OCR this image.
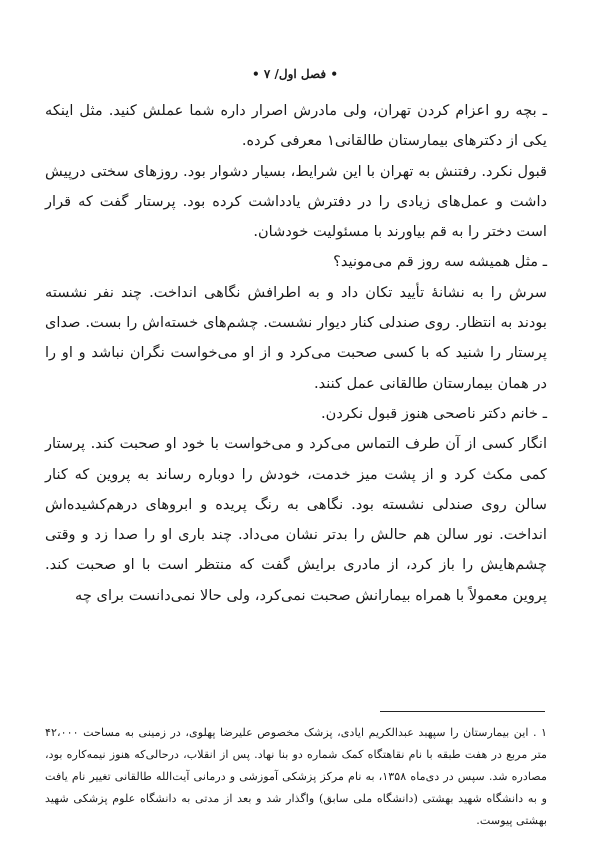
• فصل اول/ ۷ •

ـ بچه رو اعزام کردن تهران، ولی مادرش اصرار داره شما عملش کنید. مثل اینکه یکی از دکترهای بیمارستان طالقانی۱ معرفی کرده.

قبول نکرد. رفتنش به تهران با این شرایط، بسیار دشوار بود. روزهای سختی درپیش داشت و عمل‌های زیادی را در دفترش یادداشت کرده بود. پرستار گفت که قرار است دختر را به قم بیاورند با مسئولیت خودشان.

ـ مثل همیشه سه روز قم می‌مونید؟

سرش را به نشانهٔ تأیید تکان داد و به اطرافش نگاهی انداخت. چند نفر نشسته بودند به انتظار. روی صندلی کنار دیوار نشست. چشم‌های خسته‌اش را بست. صدای پرستار را شنید که با کسی صحبت می‌کرد و از او می‌خواست نگران نباشد و او را در همان بیمارستان طالقانی عمل کنند.

ـ خانم دکتر ناصحی هنوز قبول نکردن.

انگار کسی از آن طرف التماس می‌کرد و می‌خواست با خود او صحبت کند. پرستار کمی مکث کرد و از پشت میز خدمت، خودش را دوباره رساند به پروین که کنار سالن روی صندلی نشسته بود. نگاهی به رنگ پریده و ابروهای درهم‌کشیده‌اش انداخت. نور سالن هم حالش را بدتر نشان می‌داد. چند باری او را صدا زد و وقتی چشم‌هایش را باز کرد، از مادری برایش گفت که منتظر است با او صحبت کند. پروین معمولاً با همراه بیمارانش صحبت نمی‌کرد، ولی حالا نمی‌دانست برای چه

۱ . این بیمارستان را سپهبد عبدالکریم ایادی، پزشک مخصوص علیرضا پهلوی، در زمینی به مساحت ۴۲،۰۰۰ متر مربع در هفت طبقه با نام نقاهتگاه کمک شماره دو بنا نهاد. پس از انقلاب، درحالی‌که هنوز نیمه‌کاره بود، مصادره شد. سپس در دی‌ماه ۱۳۵۸، به نام مرکز پزشکی آموزشی و درمانی آیت‌الله طالقانی تغییر نام یافت و به دانشگاه شهید بهشتی (دانشگاه ملی سابق) واگذار شد و بعد از مدتی به دانشگاه علوم پزشکی شهید بهشتی پیوست.
